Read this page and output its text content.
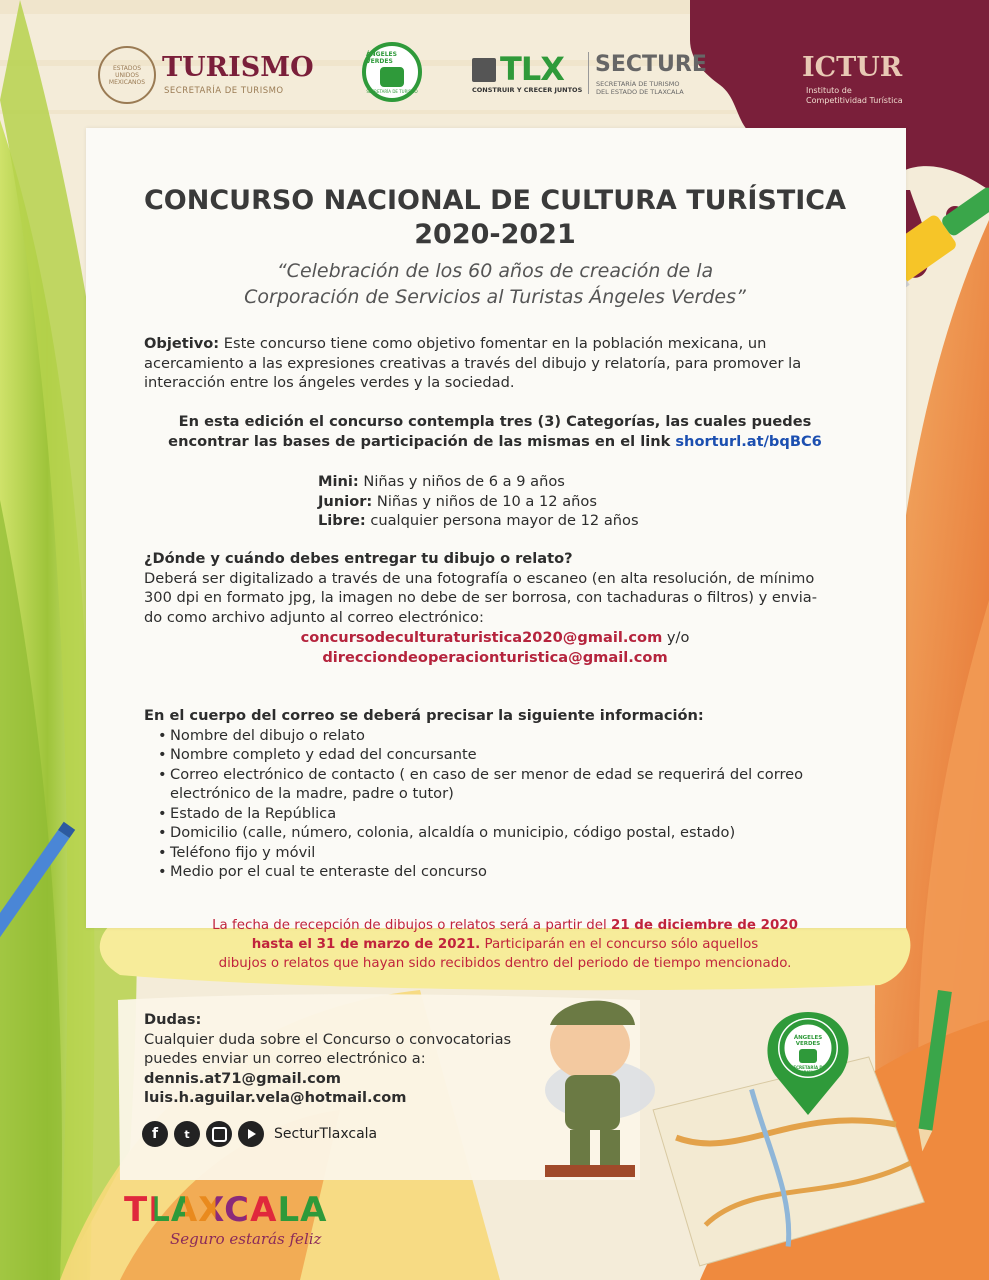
ESTADOS UNIDOS MEXICANOS TURISMO
SECRETARÍA DE TURISMO
ÁNGELES VERDES
SECRETARÍA DE TURISMO
TLX
CONSTRUIR Y CRECER JUNTOS
SECTURE
SECRETARÍA DE TURISMO
DEL ESTADO DE TLAXCALA
ICTUR
Instituto de
Competitividad Turística
CONCURSO NACIONAL DE CULTURA TURÍSTICA
2020-2021
“Celebración de los 60 años de creación de la
Corporación de Servicios al Turistas Ángeles Verdes”
Objetivo: Este concurso tiene como objetivo fomentar en la población mexicana, un acercamiento a las expresiones creativas a través del dibujo y relatoría, para promover la interacción entre los ángeles verdes y la sociedad.
En esta edición el concurso contempla tres (3) Categorías, las cuales puedes
encontrar las bases de participación de las mismas en el link shorturl.at/bqBC6
Mini: Niñas y niños de 6 a 9 años
Junior: Niñas y niños de 10 a 12 años
Libre: cualquier persona mayor de 12 años
¿Dónde y cuándo debes entregar tu dibujo o relato?
Deberá ser digitalizado a través de una fotografía o escaneo (en alta resolución, de mínimo
300 dpi en formato jpg, la imagen no debe de ser borrosa, con tachaduras o filtros) y envia-
do como archivo adjunto al correo electrónico:
concursodeculturaturistica2020@gmail.com y/o
direcciondeoperacionturistica@gmail.com
En el cuerpo del correo se deberá precisar la siguiente información:
• Nombre del dibujo o relato
• Nombre completo y edad del concursante
• Correo electrónico de contacto ( en caso de ser menor de edad se requerirá del correo electrónico de la madre, padre o tutor)
• Estado de la República
• Domicilio (calle, número, colonia, alcaldía o municipio, código postal, estado)
• Teléfono fijo y móvil
• Medio por el cual te enteraste del concurso
La fecha de recepción de dibujos o relatos será a partir del 21 de diciembre de 2020
hasta el 31 de marzo de 2021. Participarán en el concurso sólo aquellos
dibujos o relatos que hayan sido recibidos dentro del periodo de tiempo mencionado.
Dudas:
Cualquier duda sobre el Concurso o convocatorias
puedes enviar un correo electrónico a:
dennis.at71@gmail.com
luis.h.aguilar.vela@hotmail.com
f	t	SecturTlaxcala
TLAXCALA
Seguro estarás feliz
ÁNGELES VERDES
SECRETARÍA DE TURISMO
